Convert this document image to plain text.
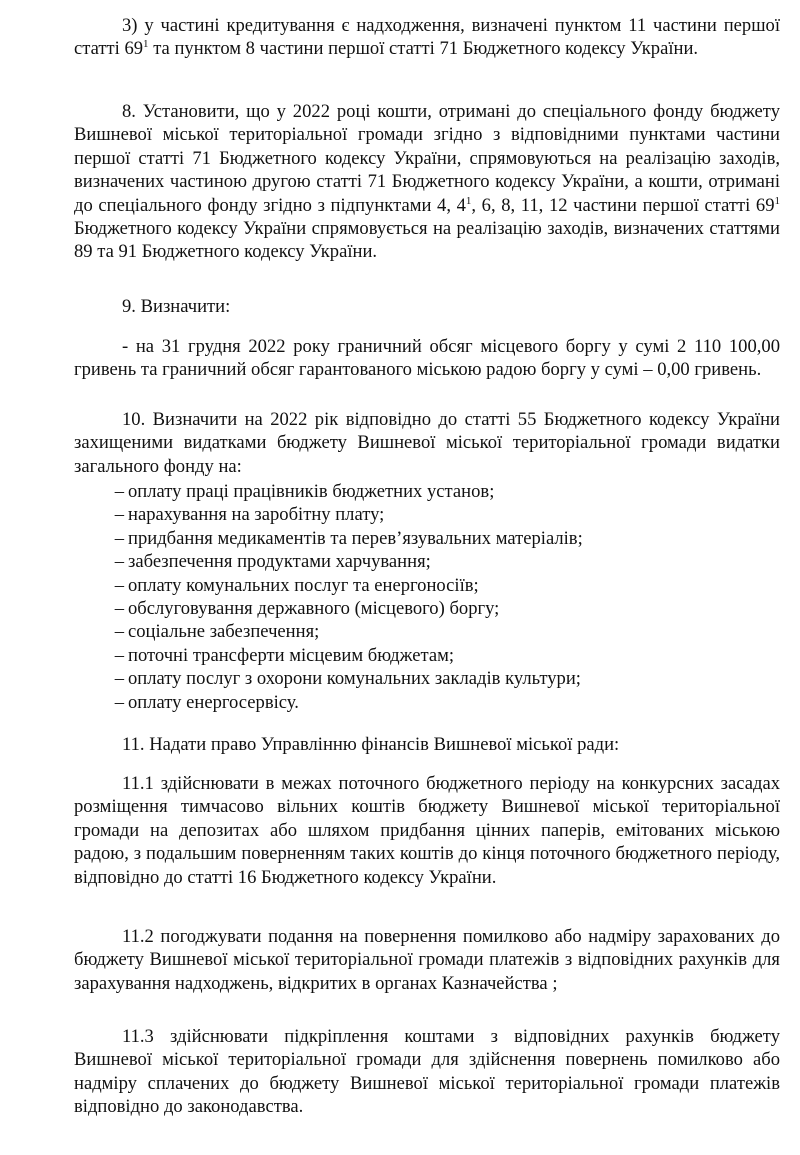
3) у частині кредитування є надходження, визначені пунктом 11 частини першої статті $69^1$ та пунктом 8 частини першої статті 71 Бюджетного кодексу України.

8. Установити, що у 2022 році кошти, отримані до спеціального фонду бюджету Вишневої міської територіальної громади згідно з відповідними пунктами частини першої статті 71 Бюджетного кодексу України, спрямовуються на реалізацію заходів, визначених частиною другою статті 71 Бюджетного кодексу України, а кошти, отримані до спеціального фонду згідно з підпунктами 4, $4^1$, 6, 8, 11, 12 частини першої статті $69^1$ Бюджетного кодексу України спрямовується на реалізацію заходів, визначених статтями 89 та 91 Бюджетного кодексу України.

9. Визначити:

- на 31 грудня 2022 року граничний обсяг місцевого боргу у сумі 2 110 100,00 гривень та граничний обсяг гарантованого міською радою боргу у сумі – 0,00 гривень.

10. Визначити на 2022 рік відповідно до статті 55 Бюджетного кодексу України захищеними видатками бюджету Вишневої міської територіальної громади видатки загального фонду на:

– оплату праці працівників бюджетних установ;
– нарахування на заробітну плату;
– придбання медикаментів та перев’язувальних матеріалів;
– забезпечення продуктами харчування;
– оплату комунальних послуг та енергоносіїв;
– обслуговування державного (місцевого) боргу;
– соціальне забезпечення;
– поточні трансферти місцевим бюджетам;
– оплату послуг з охорони комунальних закладів культури;
– оплату енергосервісу.

11. Надати право Управлінню фінансів Вишневої міської ради:

11.1 здійснювати в межах поточного бюджетного періоду на конкурсних засадах розміщення тимчасово вільних коштів бюджету Вишневої міської територіальної громади на депозитах або шляхом придбання цінних паперів, емітованих міською радою, з подальшим поверненням таких коштів до кінця поточного бюджетного періоду, відповідно до статті 16 Бюджетного кодексу України.

11.2 погоджувати подання на повернення помилково або надміру зарахованих до бюджету Вишневої міської територіальної громади платежів з відповідних рахунків для зарахування надходжень, відкритих в органах Казначейства ;

11.3 здійснювати підкріплення коштами з відповідних рахунків бюджету Вишневої міської територіальної громади для здійснення повернень помилково або надміру сплачених до бюджету Вишневої міської територіальної громади платежів відповідно до законодавства.
